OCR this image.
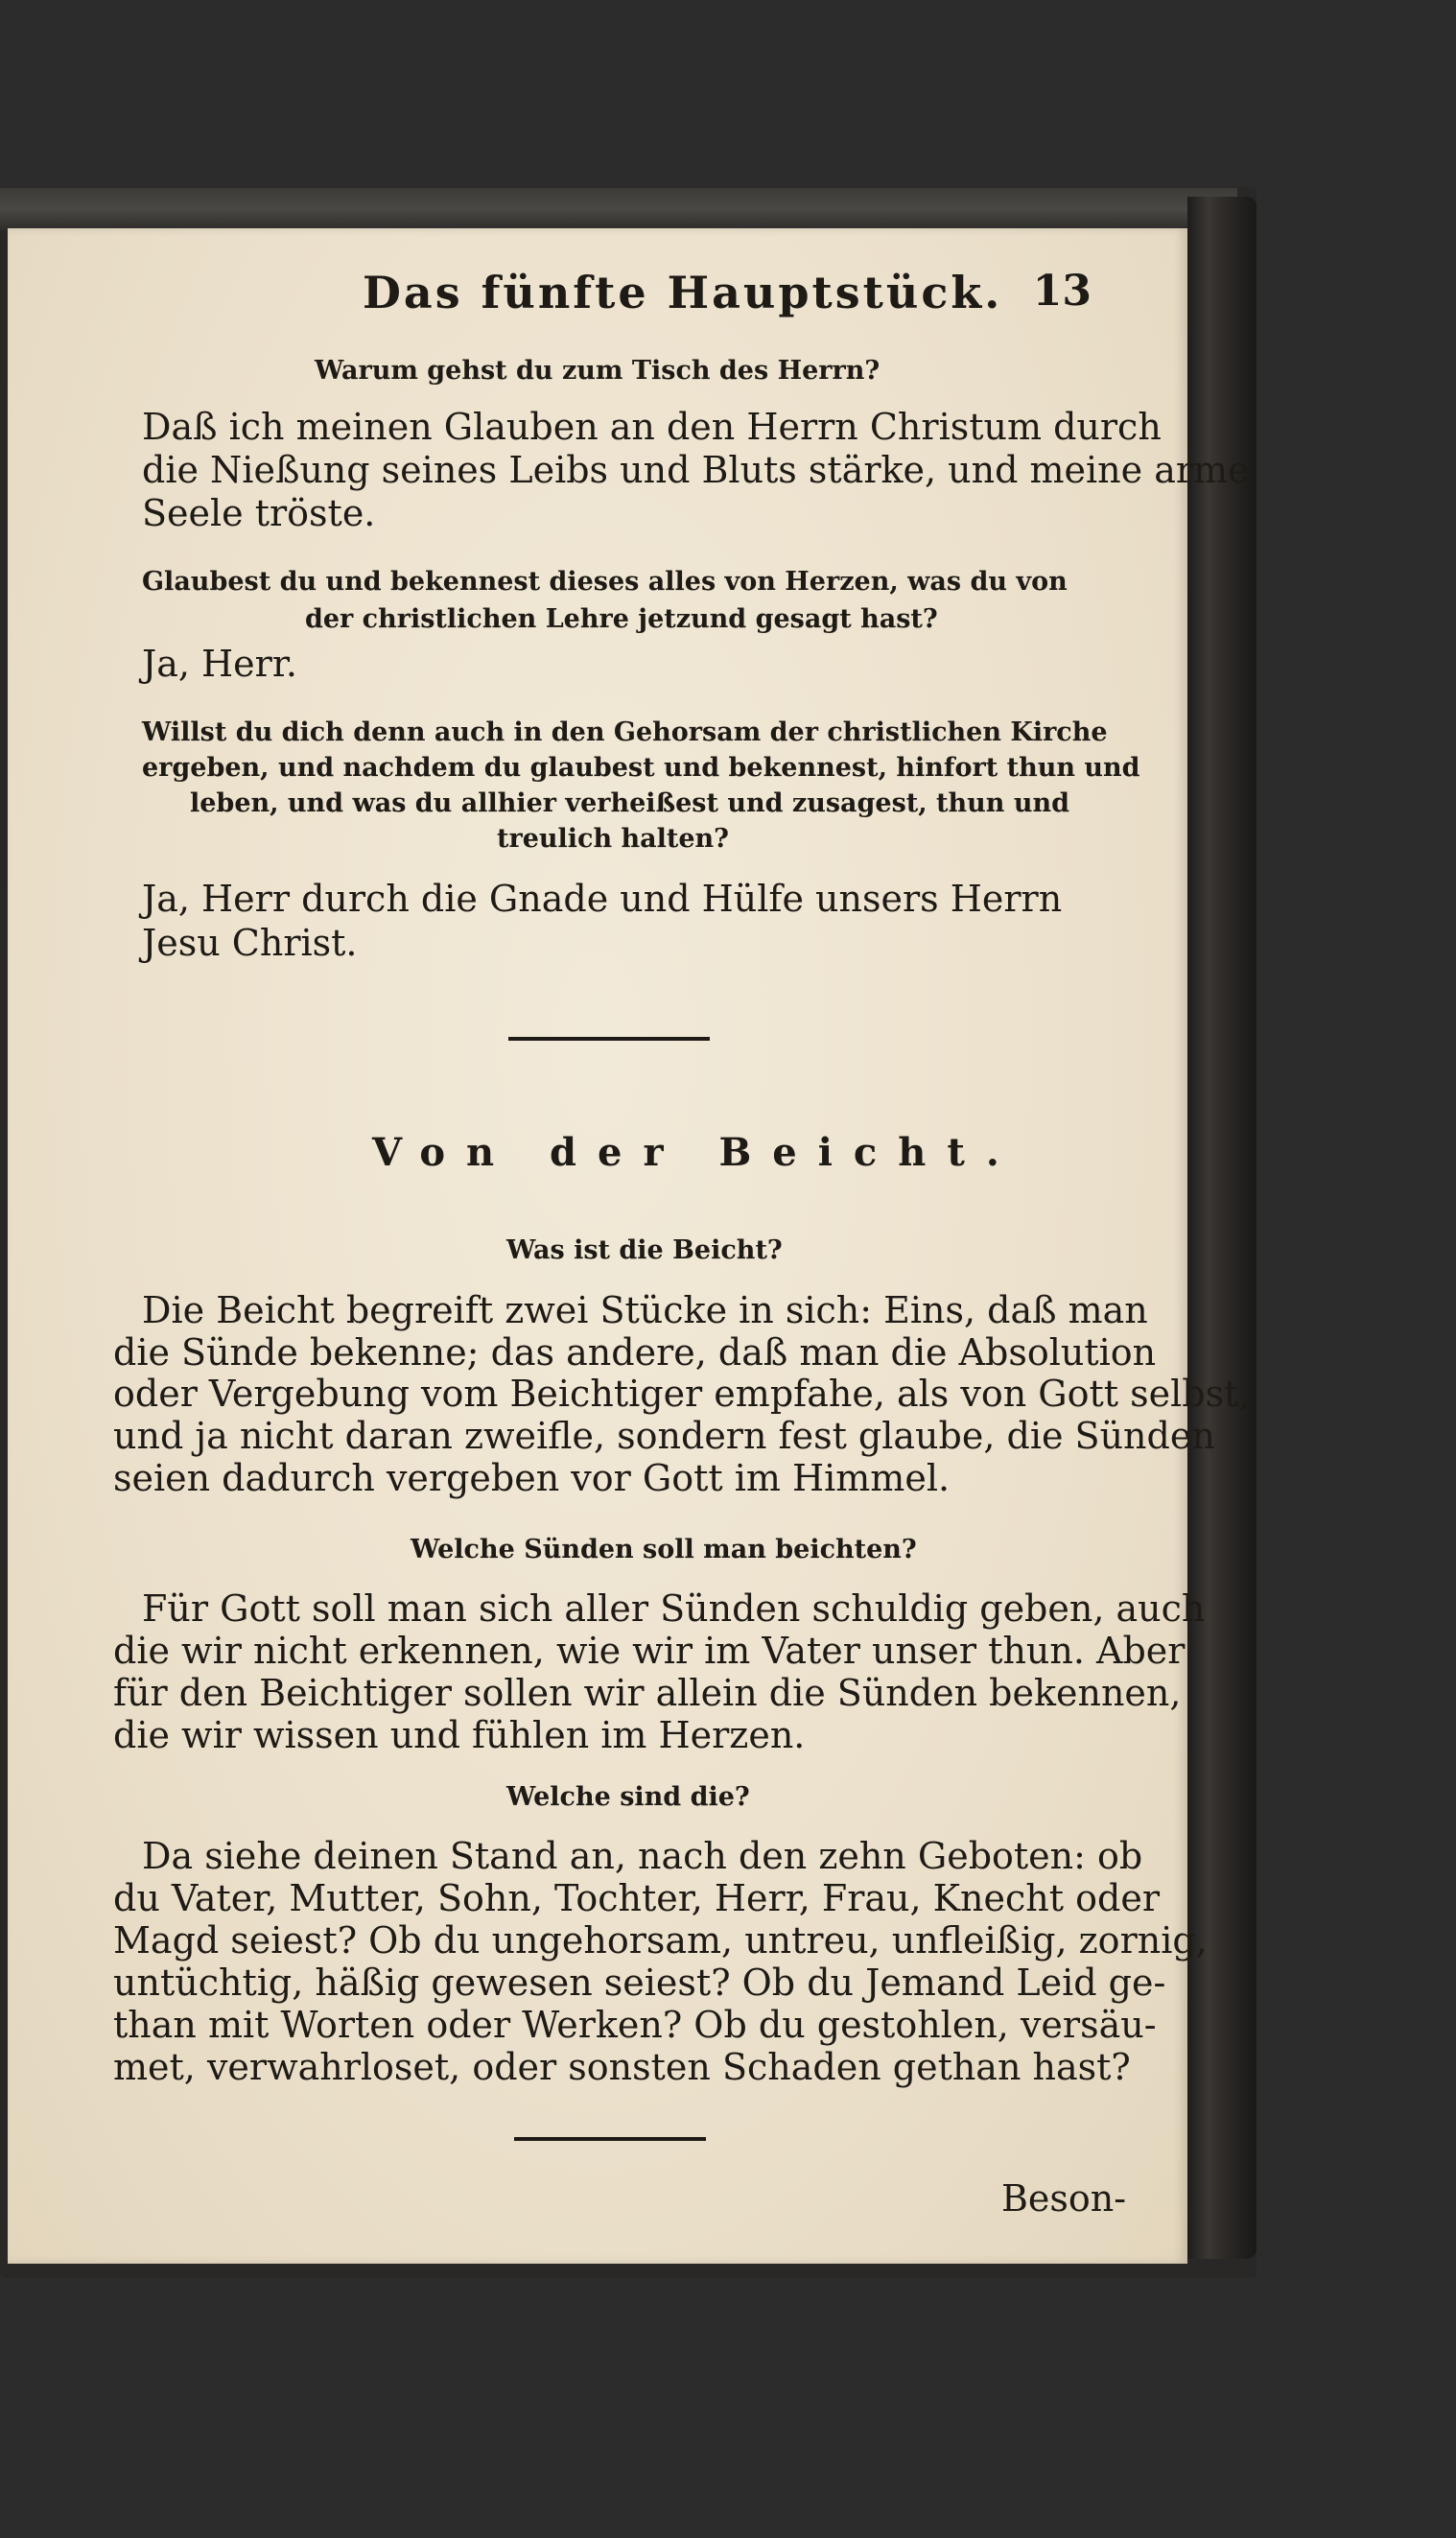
Das fünfte Hauptstück. 13
Warum gehst du zum Tisch des Herrn?
Daß ich meinen Glauben an den Herrn Christum durch
die Nießung seines Leibs und Bluts stärke, und meine arme
Seele tröste.
Glaubest du und bekennest dieses alles von Herzen, was du von
der christlichen Lehre jetzund gesagt hast?
Ja, Herr.
Willst du dich denn auch in den Gehorsam der christlichen Kirche
ergeben, und nachdem du glaubest und bekennest, hinfort thun und
leben, und was du allhier verheißest und zusagest, thun und
treulich halten?
Ja, Herr durch die Gnade und Hülfe unsers Herrn
Jesu Christ.
Von der Beicht.
Was ist die Beicht?
Die Beicht begreift zwei Stücke in sich: Eins, daß man
die Sünde bekenne; das andere, daß man die Absolution
oder Vergebung vom Beichtiger empfahe, als von Gott selbst,
und ja nicht daran zweifle, sondern fest glaube, die Sünden
seien dadurch vergeben vor Gott im Himmel.
Welche Sünden soll man beichten?
Für Gott soll man sich aller Sünden schuldig geben, auch
die wir nicht erkennen, wie wir im Vater unser thun. Aber
für den Beichtiger sollen wir allein die Sünden bekennen,
die wir wissen und fühlen im Herzen.
Welche sind die?
Da siehe deinen Stand an, nach den zehn Geboten: ob
du Vater, Mutter, Sohn, Tochter, Herr, Frau, Knecht oder
Magd seiest? Ob du ungehorsam, untreu, unfleißig, zornig,
untüchtig, häßig gewesen seiest? Ob du Jemand Leid ge-
than mit Worten oder Werken? Ob du gestohlen, versäu-
met, verwahrloset, oder sonsten Schaden gethan hast?
Beson-
